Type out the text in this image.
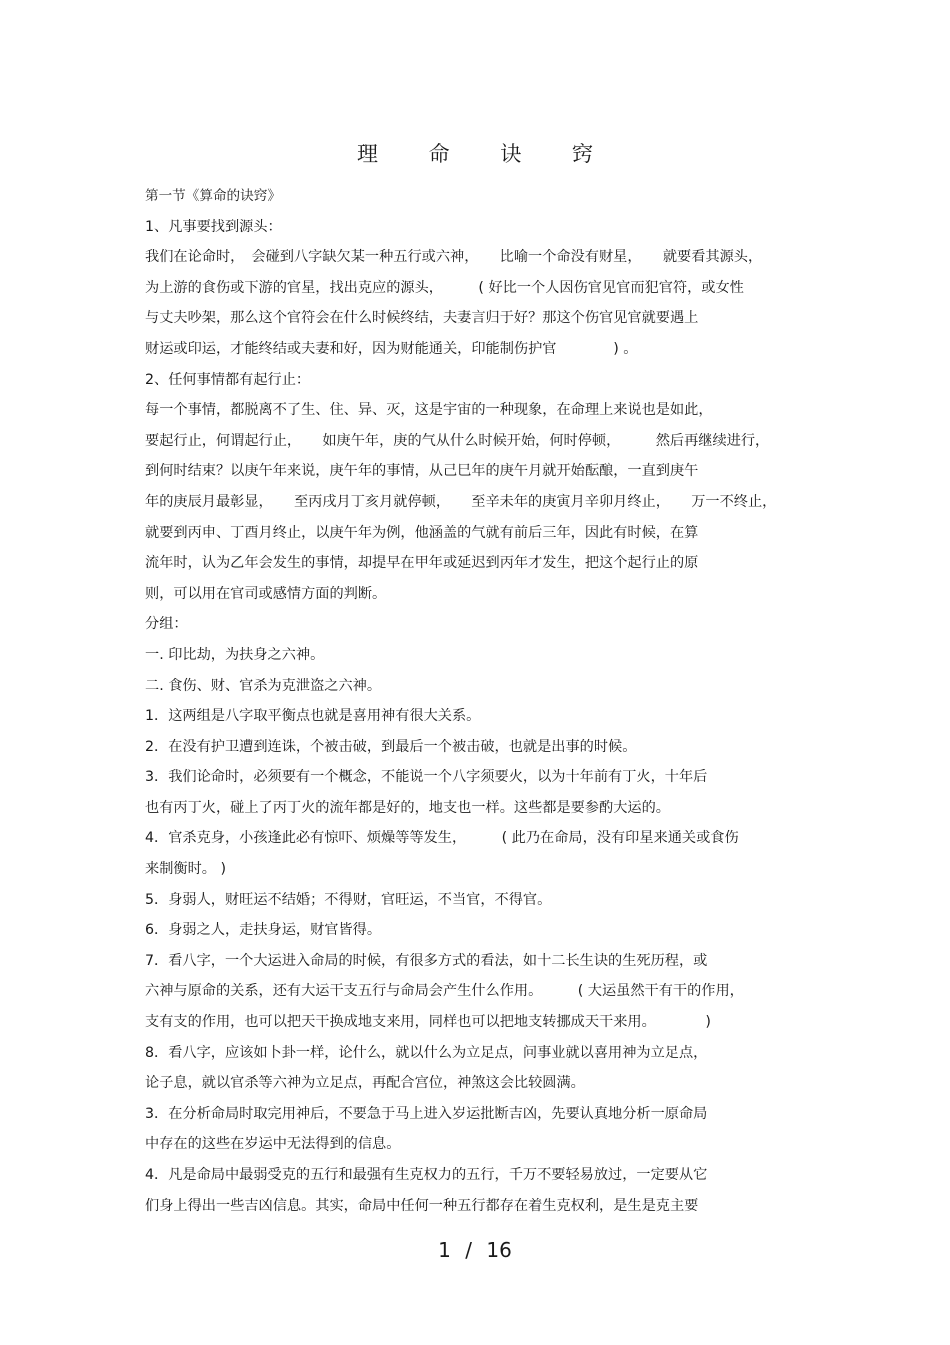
理 命 诀 窍
第一节《算命的诀窍》
1、凡事要找到源头：
我们在论命时，　会碰到八字缺欠某一种五行或六神，　　比喻一个命没有财星，　　就要看其源头，
为上游的食伤或下游的官星，找出克应的源头，　　　( 好比一个人因伤官见官而犯官符，或女性
与丈夫吵架，那么这个官符会在什么时候终结，夫妻言归于好？那这个伤官见官就要遇上
财运或印运，才能终结或夫妻和好，因为财能通关，印能制伤护官　　　　) 。
2、任何事情都有起行止：
每一个事情，都脱离不了生、住、异、灭，这是宇宙的一种现象，在命理上来说也是如此，
要起行止，何谓起行止，　　如庚午年，庚的气从什么时候开始，何时停顿，　　　然后再继续进行，
到何时结束？以庚午年来说，庚午年的事情，从己巳年的庚午月就开始酝酿，一直到庚午
年的庚辰月最彰显，　　至丙戌月丁亥月就停顿，　　至辛未年的庚寅月辛卯月终止，　　万一不终止，
就要到丙申、丁酉月终止，以庚午年为例，他涵盖的气就有前后三年，因此有时候，在算
流年时，认为乙年会发生的事情，却提早在甲年或延迟到丙年才发生，把这个起行止的原
则，可以用在官司或感情方面的判断。
分组：
一. 印比劫，为扶身之六神。
二. 食伤、财、官杀为克泄盗之六神。
1．这两组是八字取平衡点也就是喜用神有很大关系。
2．在没有护卫遭到连诛，个被击破，到最后一个被击破，也就是出事的时候。
3．我们论命时，必须要有一个概念，不能说一个八字须要火，以为十年前有丁火，十年后
也有丙丁火，碰上了丙丁火的流年都是好的，地支也一样。这些都是要参酌大运的。
4．官杀克身，小孩逢此必有惊吓、烦燥等等发生，　　　( 此乃在命局，没有印星来通关或食伤
来制衡时。 )
5．身弱人，财旺运不结婚；不得财，官旺运，不当官，不得官。
6．身弱之人，走扶身运，财官皆得。
7．看八字，一个大运进入命局的时候，有很多方式的看法，如十二长生诀的生死历程，或
六神与原命的关系，还有大运干支五行与命局会产生什么作用。　　　( 大运虽然干有干的作用，
支有支的作用，也可以把天干换成地支来用，同样也可以把地支转挪成天干来用。　　　　)
8．看八字，应该如卜卦一样，论什么，就以什么为立足点，问事业就以喜用神为立足点，
论子息，就以官杀等六神为立足点，再配合宫位，神煞这会比较圆满。
3．在分析命局时取完用神后，不要急于马上进入岁运批断吉凶，先要认真地分析一原命局
中存在的这些在岁运中无法得到的信息。
4．凡是命局中最弱受克的五行和最强有生克权力的五行，千万不要轻易放过，一定要从它
们身上得出一些吉凶信息。其实，命局中任何一种五行都存在着生克权利，是生是克主要
1 / 16
